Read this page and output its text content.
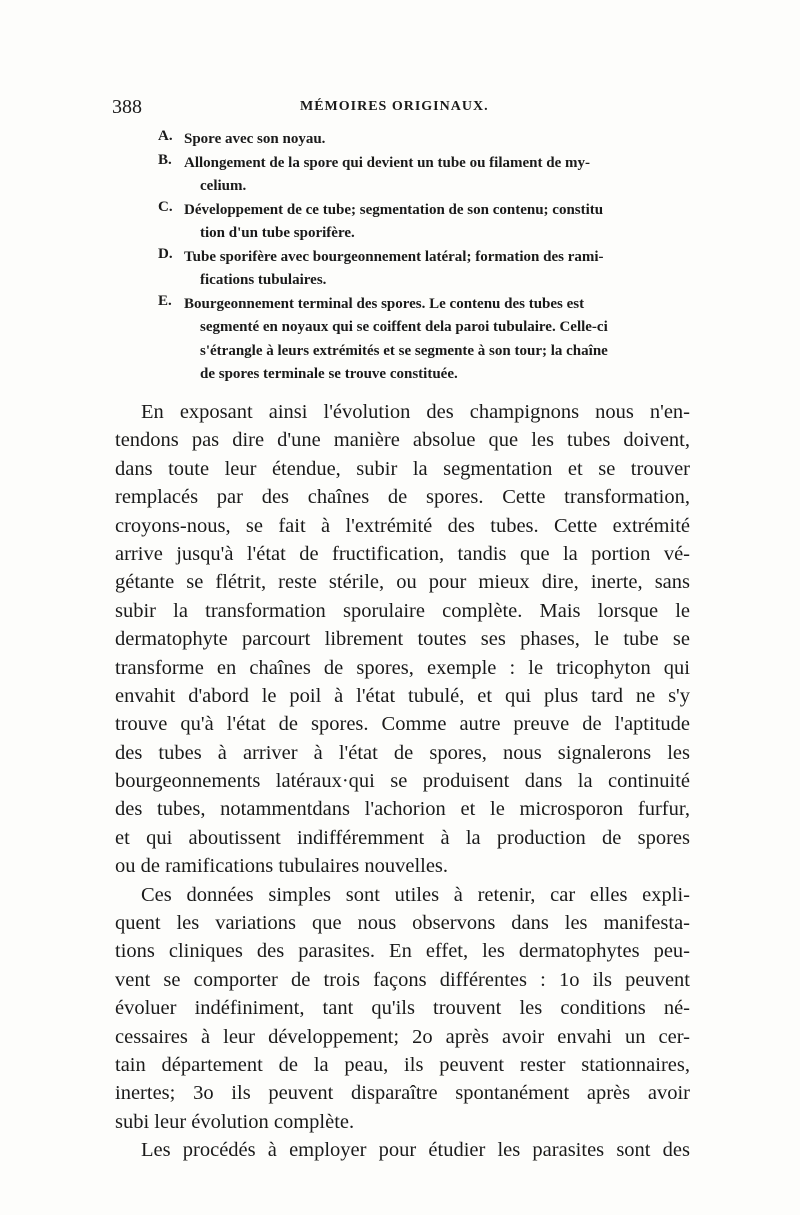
388	MÉMOIRES ORIGINAUX.
A. Spore avec son noyau.
B. Allongement de la spore qui devient un tube ou filament de my-
celium.
C. Développement de ce tube; segmentation de son contenu; constitu
tion d'un tube sporifère.
D. Tube sporifère avec bourgeonnement latéral; formation des rami-
fications tubulaires.
E. Bourgeonnement terminal des spores. Le contenu des tubes est
segmenté en noyaux qui se coiffent dela paroi tubulaire. Celle-ci
s'étrangle à leurs extrémités et se segmente à son tour; la chaîne
de spores terminale se trouve constituée.
En exposant ainsi l'évolution des champignons nous n'en-
tendons pas dire d'une manière absolue que les tubes doivent,
dans toute leur étendue, subir la segmentation et se trouver
remplacés par des chaînes de spores. Cette transformation,
croyons-nous, se fait à l'extrémité des tubes. Cette extrémité
arrive jusqu'à l'état de fructification, tandis que la portion vé-
gétante se flétrit, reste stérile, ou pour mieux dire, inerte, sans
subir la transformation sporulaire complète. Mais lorsque le
dermatophyte parcourt librement toutes ses phases, le tube se
transforme en chaînes de spores, exemple : le tricophyton qui
envahit d'abord le poil à l'état tubulé, et qui plus tard ne s'y
trouve qu'à l'état de spores. Comme autre preuve de l'aptitude
des tubes à arriver à l'état de spores, nous signalerons les
bourgeonnements latéraux·qui se produisent dans la continuité
des tubes, notammentdans l'achorion et le microsporon furfur,
et qui aboutissent indifféremment à la production de spores
ou de ramifications tubulaires nouvelles.
Ces données simples sont utiles à retenir, car elles expli-
quent les variations que nous observons dans les manifesta-
tions cliniques des parasites. En effet, les dermatophytes peu-
vent se comporter de trois façons différentes : 1o ils peuvent
évoluer indéfiniment, tant qu'ils trouvent les conditions né-
cessaires à leur développement; 2o après avoir envahi un cer-
tain département de la peau, ils peuvent rester stationnaires,
inertes; 3o ils peuvent disparaître spontanément après avoir
subi leur évolution complète.
Les procédés à employer pour étudier les parasites sont des
